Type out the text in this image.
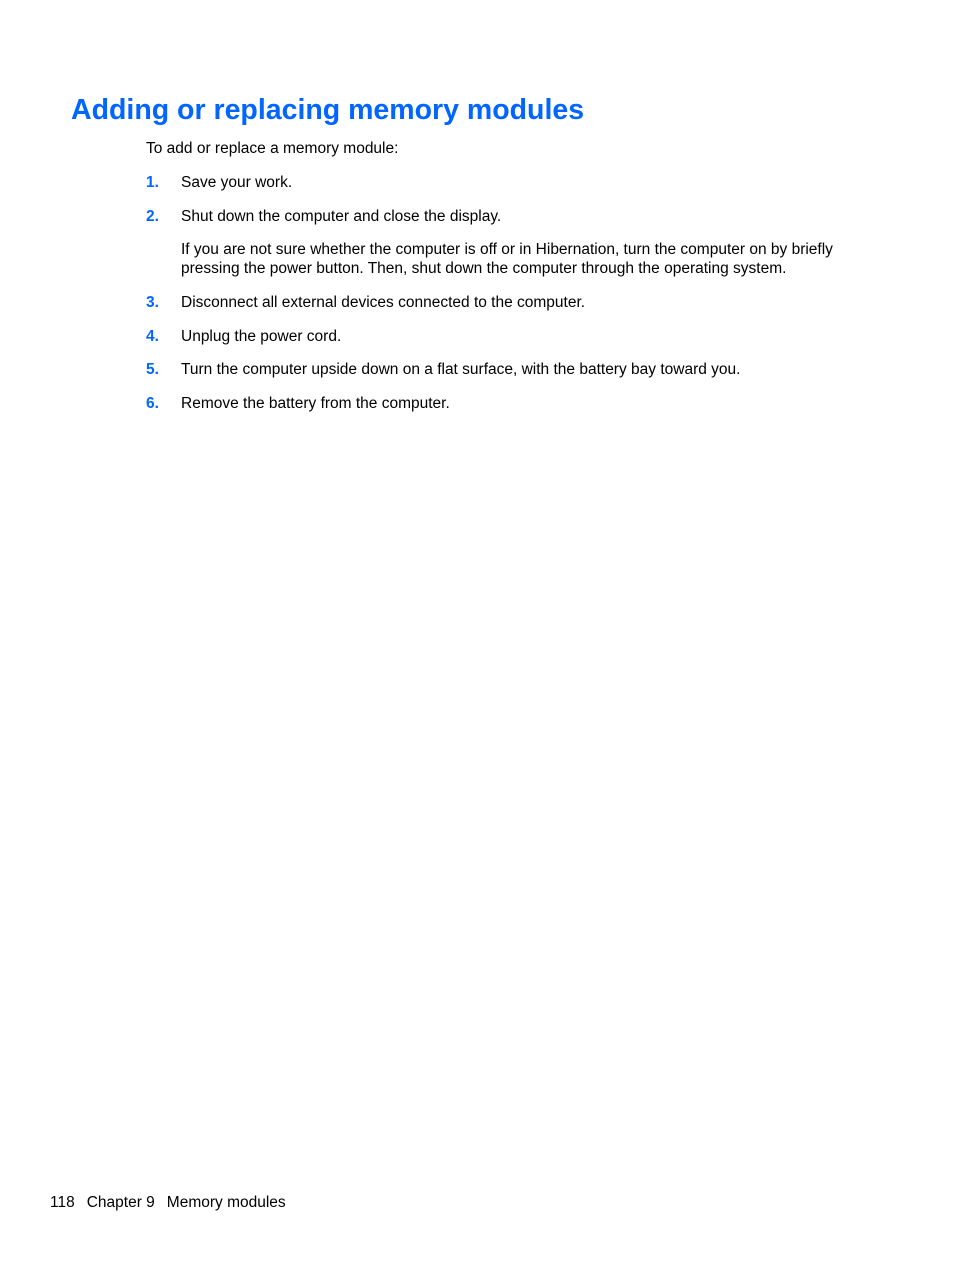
Adding or replacing memory modules

To add or replace a memory module:

1. Save your work.
2. Shut down the computer and close the display.

If you are not sure whether the computer is off or in Hibernation, turn the computer on by briefly pressing the power button. Then, shut down the computer through the operating system.

3. Disconnect all external devices connected to the computer.
4. Unplug the power cord.
5. Turn the computer upside down on a flat surface, with the battery bay toward you.
6. Remove the battery from the computer.
118 Chapter 9 Memory modules
